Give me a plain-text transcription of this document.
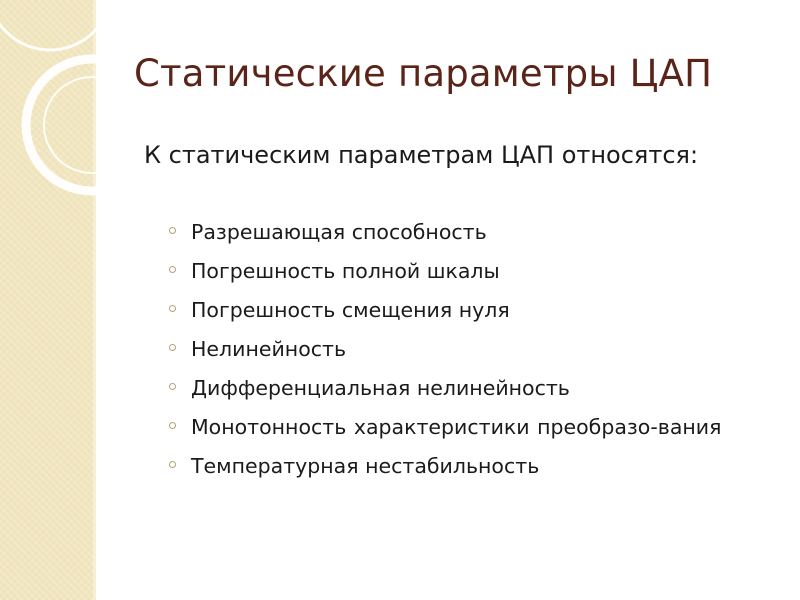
Статические параметры ЦАП

К статическим параметрам ЦАП относятся:

Разрешающая способность
Погрешность полной шкалы
Погрешность смещения нуля
Нелинейность
Дифференциальная нелинейность
Монотонность характеристики преобразо-вания
Температурная нестабильность
